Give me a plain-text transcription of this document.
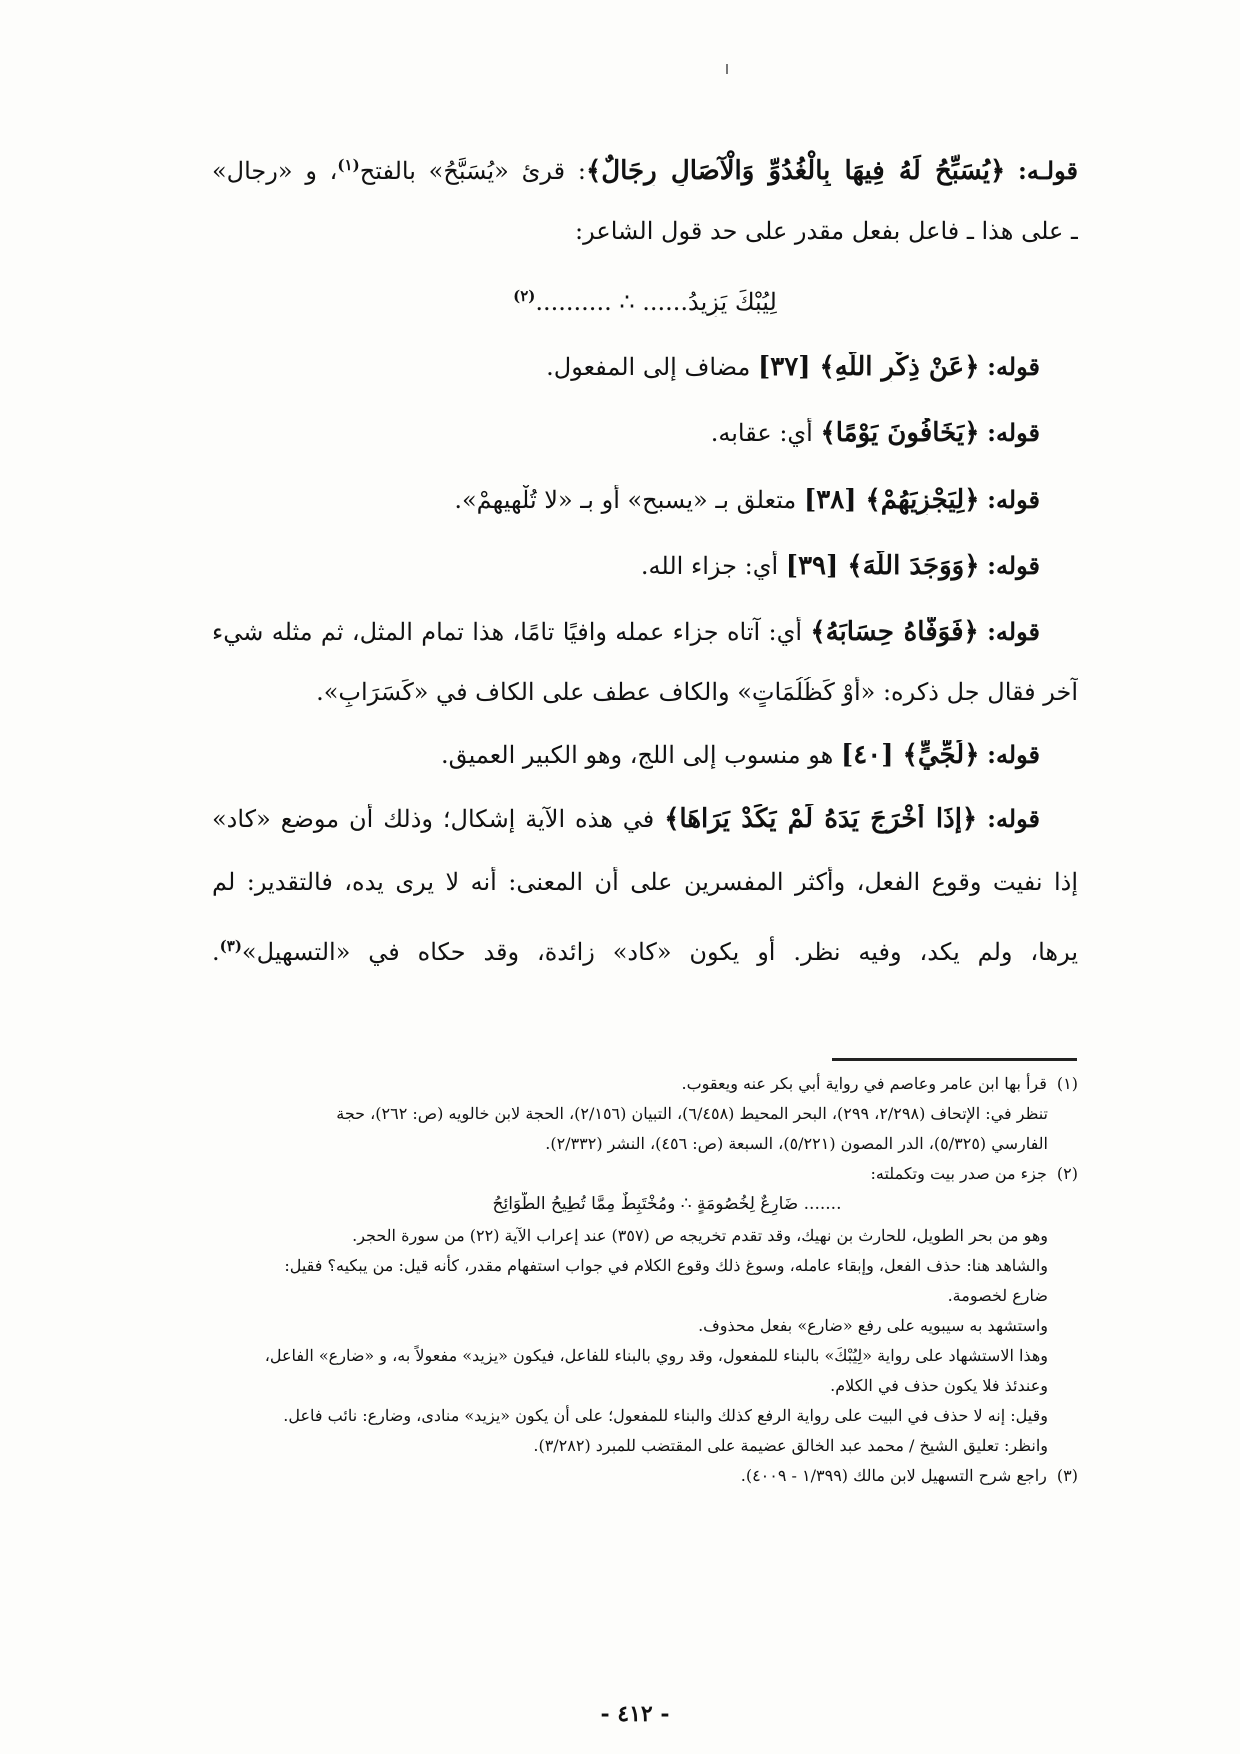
قولـه: ﴿يُسَبِّحُ لَهُ فِيهَا بِالْغُدُوِّ وَالْآصَالِ رِجَالٌ﴾: قرئ «يُسَبَّحُ» بالفتح$^{(١)}$، و «رجال»
ـ على هذا ـ فاعل بفعل مقدر على حد قول الشاعر:
لِيُبْكَ يَزِيدُ...... ∴ ..........$^{(٢)}$
قوله: ﴿عَنْ ذِكْرِ اللَّهِ﴾ [٣٧] مضاف إلى المفعول.
قوله: ﴿يَخَافُونَ يَوْمًا﴾ أي: عقابه.
قوله: ﴿لِيَجْزِيَهُمْ﴾ [٣٨] متعلق بـ «يسبح» أو بـ «لا تُلْهِيهِمْ».
قوله: ﴿وَوَجَدَ اللَّهَ﴾ [٣٩] أي: جزاء الله.
قوله: ﴿فَوَفَّاهُ حِسَابَهُ﴾ أي: آتاه جزاء عمله وافيًا تامًا، هذا تمام المثل، ثم مثله شيء
آخر فقال جل ذكره: «أَوْ كَظُلُمَاتٍ» والكاف عطف على الكاف في «كَسَرَابٍ».
قوله: ﴿لُجِّيٍّ﴾ [٤٠] هو منسوب إلى اللج، وهو الكبير العميق.
قوله: ﴿إِذَا أَخْرَجَ يَدَهُ لَمْ يَكَدْ يَرَاهَا﴾ في هذه الآية إشكال؛ وذلك أن موضع «كاد»
إذا نفيت وقوع الفعل، وأكثر المفسرين على أن المعنى: أنه لا يرى يده، فالتقدير: لم
يرها، ولم يكد، وفيه نظر. أو يكون «كاد» زائدة، وقد حكاه في «التسهيل»$^{(٣)}$.
(١) قرأ بها ابن عامر وعاصم في رواية أبي بكر عنه ويعقوب.
تنظر في: الإتحاف (٢/٢٩٨، ٢٩٩)، البحر المحيط (٦/٤٥٨)، التبيان (٢/١٥٦)، الحجة لابن خالويه (ص: ٢٦٢)، حجة
الفارسي (٥/٣٢٥)، الدر المصون (٥/٢٢١)، السبعة (ص: ٤٥٦)، النشر (٢/٣٣٢).
(٢) جزء من صدر بيت وتكملته:
....... ضَارِعٌ لِخُصُومَةٍ ∴ ومُخْتَبِطٌ مِمَّا تُطِيحُ الطَّوَائِحُ
وهو من بحر الطويل، للحارث بن نهيك، وقد تقدم تخريجه ص (٣٥٧) عند إعراب الآية (٢٢) من سورة الحجر.
والشاهد هنا: حذف الفعل، وإبقاء عامله، وسوغ ذلك وقوع الكلام في جواب استفهام مقدر، كأنه قيل: من يبكيه؟ فقيل:
ضارع لخصومة.
واستشهد به سيبويه على رفع «ضارع» بفعل محذوف.
وهذا الاستشهاد على رواية «لِيُبْكَ» بالبناء للمفعول، وقد روي بالبناء للفاعل، فيكون «يزيد» مفعولاً به، و «ضارع» الفاعل،
وعندئذ فلا يكون حذف في الكلام.
وقيل: إنه لا حذف في البيت على رواية الرفع كذلك والبناء للمفعول؛ على أن يكون «يزيد» منادى، وضارع: نائب فاعل.
وانظر: تعليق الشيخ / محمد عبد الخالق عضيمة على المقتضب للمبرد (٣/٢٨٢).
(٣) راجع شرح التسهيل لابن مالك (١/٣٩٩ - ٤٠٠٩).
- ٤١٢ -
